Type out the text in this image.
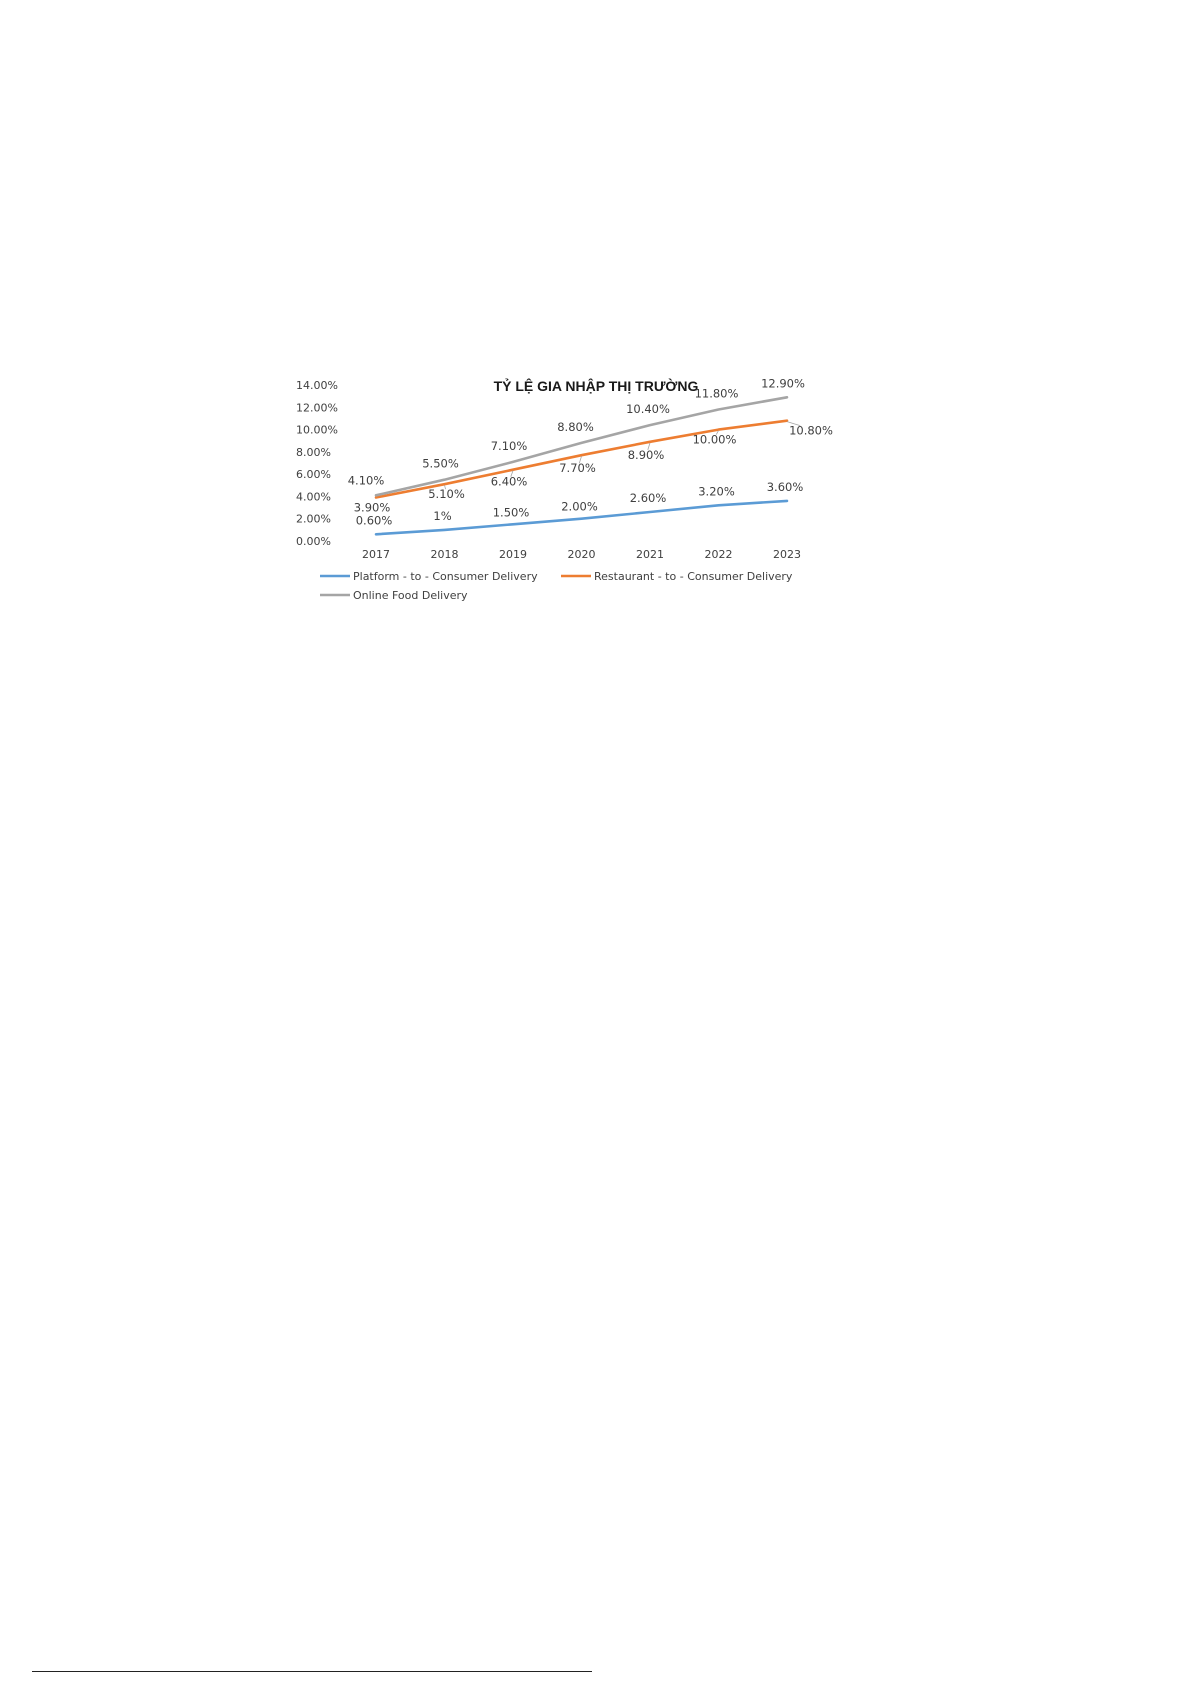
TỶ LỆ GIA NHẬP THỊ TRƯỜNG
0.00%
2.00%
4.00%
6.00%
8.00%
10.00%
12.00%
14.00%
2017	2018	2019	2020	2021	2022	2023
0.60%	1%	1.50%	2.00%
2.60%	3.20%	3.60%
3.90%
5.10%
6.40%
7.70%
8.90%
10.00%
10.80%
4.10%
5.50%
7.10%
8.80%
10.40%
11.80%
12.90%
Platform - to - Consumer Delivery	Restaurant - to - Consumer Delivery
Online Food Delivery
